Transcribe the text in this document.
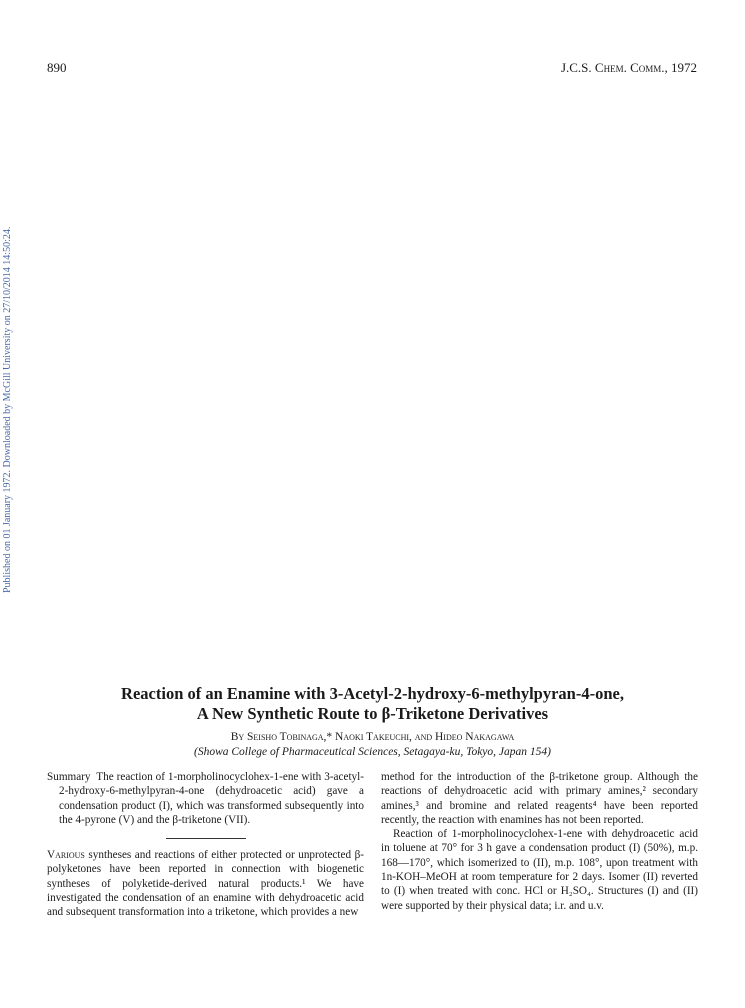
890	J.C.S. Chem. Comm., 1972
Published on 01 January 1972. Downloaded by McGill University on 27/10/2014 14:50:24.
Reaction of an Enamine with 3-Acetyl-2-hydroxy-6-methylpyran-4-one,
A New Synthetic Route to β-Triketone Derivatives
By Seisho Tobinaga,* Naoki Takeuchi, and Hideo Nakagawa
(Showa College of Pharmaceutical Sciences, Setagaya-ku, Tokyo, Japan 154)

Summary The reaction of 1-morpholinocyclohex-1-ene with 3-acetyl-2-hydroxy-6-methylpyran-4-one (dehydroacetic acid) gave a condensation product (I), which was transformed subsequently into the 4-pyrone (V) and the β-triketone (VII).

Various syntheses and reactions of either protected or unprotected β-polyketones have been reported in connection with biogenetic syntheses of polyketide-derived natural products.¹ We have investigated the condensation of an enamine with dehydroacetic acid and subsequent transformation into a triketone, which provides a new

method for the introduction of the β-triketone group. Although the reactions of dehydroacetic acid with primary amines,² secondary amines,³ and bromine and related reagents⁴ have been reported recently, the reaction with enamines has not been reported.

Reaction of 1-morpholinocyclohex-1-ene with dehydroacetic acid in toluene at 70° for 3 h gave a condensation product (I) (50%), m.p. 168—170°, which isomerized to (II), m.p. 108°, upon treatment with 1n-KOH–MeOH at room temperature for 2 days. Isomer (II) reverted to (I) when treated with conc. HCl or H₂SO₄. Structures (I) and (II) were supported by their physical data; i.r. and u.v.
